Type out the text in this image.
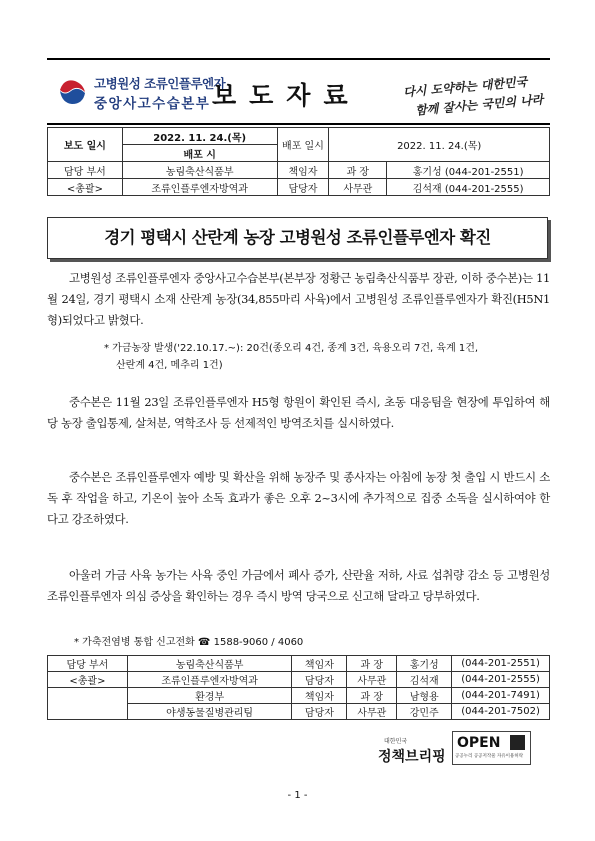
고병원성 조류인플루엔자
중앙사고수습본부 보도자료	다시 도약하는 대한민국
함께 잘사는 국민의 나라
보도 일시	2022. 11. 24.(목)	배포 일시	2022. 11. 24.(목)	
	배포 시			
담당 부서	농림축산식품부	책임자	과 장	홍기성 (044-201-2551)
<총괄>	조류인플루엔자방역과	담당자	사무관	김석재 (044-201-2555)
경기 평택시 산란계 농장 고병원성 조류인플루엔자 확진
고병원성 조류인플루엔자 중앙사고수습본부(본부장 정황근 농림축산식품부 장관, 이하 중수본)는 11월 24일, 경기 평택시 소재 산란계 농장(34,855마리 사육)에서 고병원성 조류인플루엔자가 확진(H5N1형)되었다고 밝혔다.
* 가금농장 발생('22.10.17.~): 20건(종오리 4건, 종계 3건, 육용오리 7건, 육계 1건,
산란계 4건, 메추리 1건)
중수본은 11월 23일 조류인플루엔자 H5형 항원이 확인된 즉시, 초동 대응팀을 현장에 투입하여 해당 농장 출입통제, 살처분, 역학조사 등 선제적인 방역조치를 실시하였다.
중수본은 조류인플루엔자 예방 및 확산을 위해 농장주 및 종사자는 아침에 농장 첫 출입 시 반드시 소독 후 작업을 하고, 기온이 높아 소독 효과가 좋은 오후 2~3시에 추가적으로 집중 소독을 실시하여야 한다고 강조하였다.
아울러 가금 사육 농가는 사육 중인 가금에서 폐사 증가, 산란율 저하, 사료 섭취량 감소 등 고병원성 조류인플루엔자 의심 증상을 확인하는 경우 즉시 방역 당국으로 신고해 달라고 당부하였다.
* 가축전염병 통합 신고전화 ☎ 1588-9060 / 4060
담당 부서	농림축산식품부	책임자	과 장	홍기성	(044-201-2551)
<총괄>	조류인플루엔자방역과	담당자	사무관	김석재	(044-201-2555)
	환경부	책임자	과 장	남형용	(044-201-7491)
	야생동물질병관리팀	담당자	사무관	강민주	(044-201-7502)
대한민국
정책브리핑
OPEN
공공누리 공공저작물 자유이용허락
- 1 -
